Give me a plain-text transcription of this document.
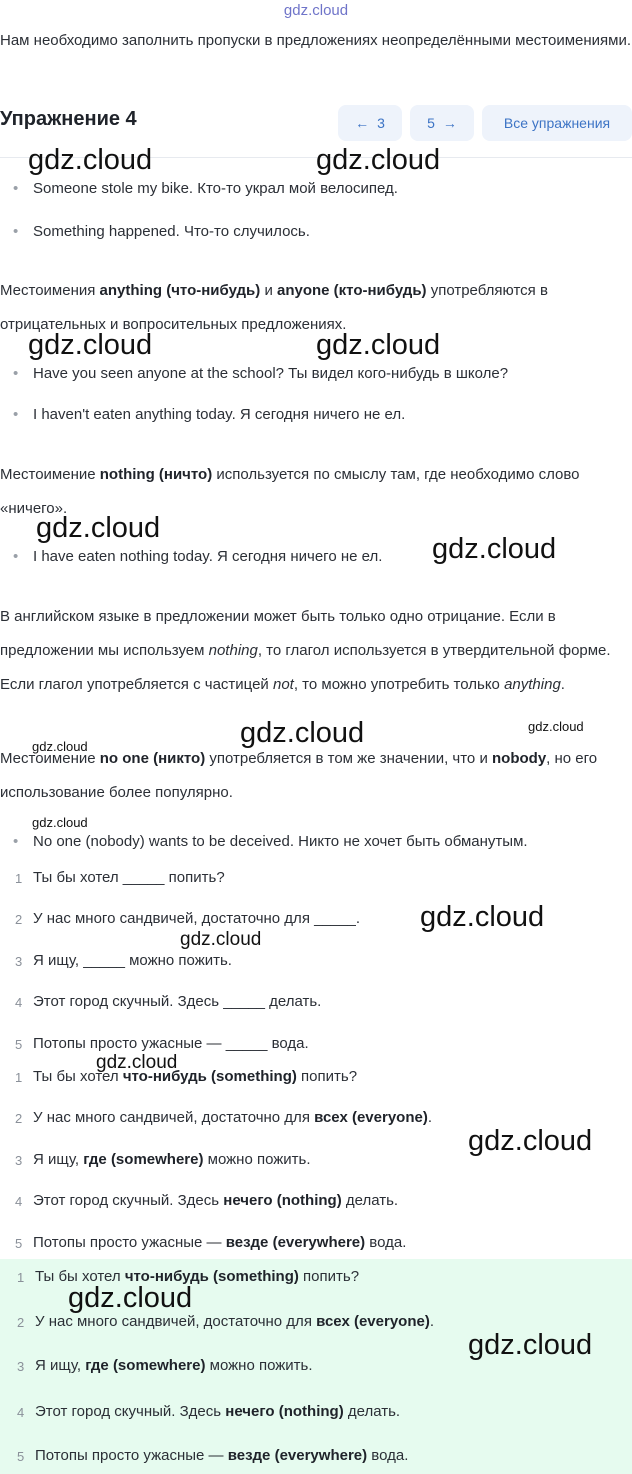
gdz.cloud

Нам необходимо заполнить пропуски в предложениях неопределёнными местоимениями.

Упражнение 4	← 3	5 →	Все упражнения
• Someone stole my bike. Кто-то украл мой велосипед.
• Something happened. Что-то случилось.

Местоимения anything (что-нибудь) и anyone (кто-нибудь) употребляются в отрицательных и вопросительных предложениях.

• Have you seen anyone at the school? Ты видел кого-нибудь в школе?
• I haven't eaten anything today. Я сегодня ничего не ел.

Местоимение nothing (ничто) используется по смыслу там, где необходимо слово «ничего».

• I have eaten nothing today. Я сегодня ничего не ел.

В английском языке в предложении может быть только одно отрицание. Если в предложении мы используем nothing, то глагол используется в утвердительной форме. Если глагол употребляется с частицей not, то можно употребить только anything.

Местоимение no one (никто) употребляется в том же значении, что и nobody, но его использование более популярно.

• No one (nobody) wants to be deceived. Никто не хочет быть обманутым.
1 Ты бы хотел _____ попить?
2 У нас много сандвичей, достаточно для _____.
3 Я ищу, _____ можно пожить.
4 Этот город скучный. Здесь _____ делать.
5 Потопы просто ужасные — _____ вода.
1 Ты бы хотел что-нибудь (something) попить?
2 У нас много сандвичей, достаточно для всех (everyone).
3 Я ищу, где (somewhere) можно пожить.
4 Этот город скучный. Здесь нечего (nothing) делать.
5 Потопы просто ужасные — везде (everywhere) вода.
1 Ты бы хотел что-нибудь (something) попить?
2 У нас много сандвичей, достаточно для всех (everyone).
3 Я ищу, где (somewhere) можно пожить.
4 Этот город скучный. Здесь нечего (nothing) делать.
5 Потопы просто ужасные — везде (everywhere) вода.
gdz.cloud	gdz.cloud
gdz.cloud	gdz.cloud
gdz.cloud
gdz.cloud
gdz.cloud	gdz.cloud
gdz.cloud
gdz.cloud
gdz.cloud
gdz.cloud
gdz.cloud
gdz.cloud
gdz.cloud
gdz.cloud
